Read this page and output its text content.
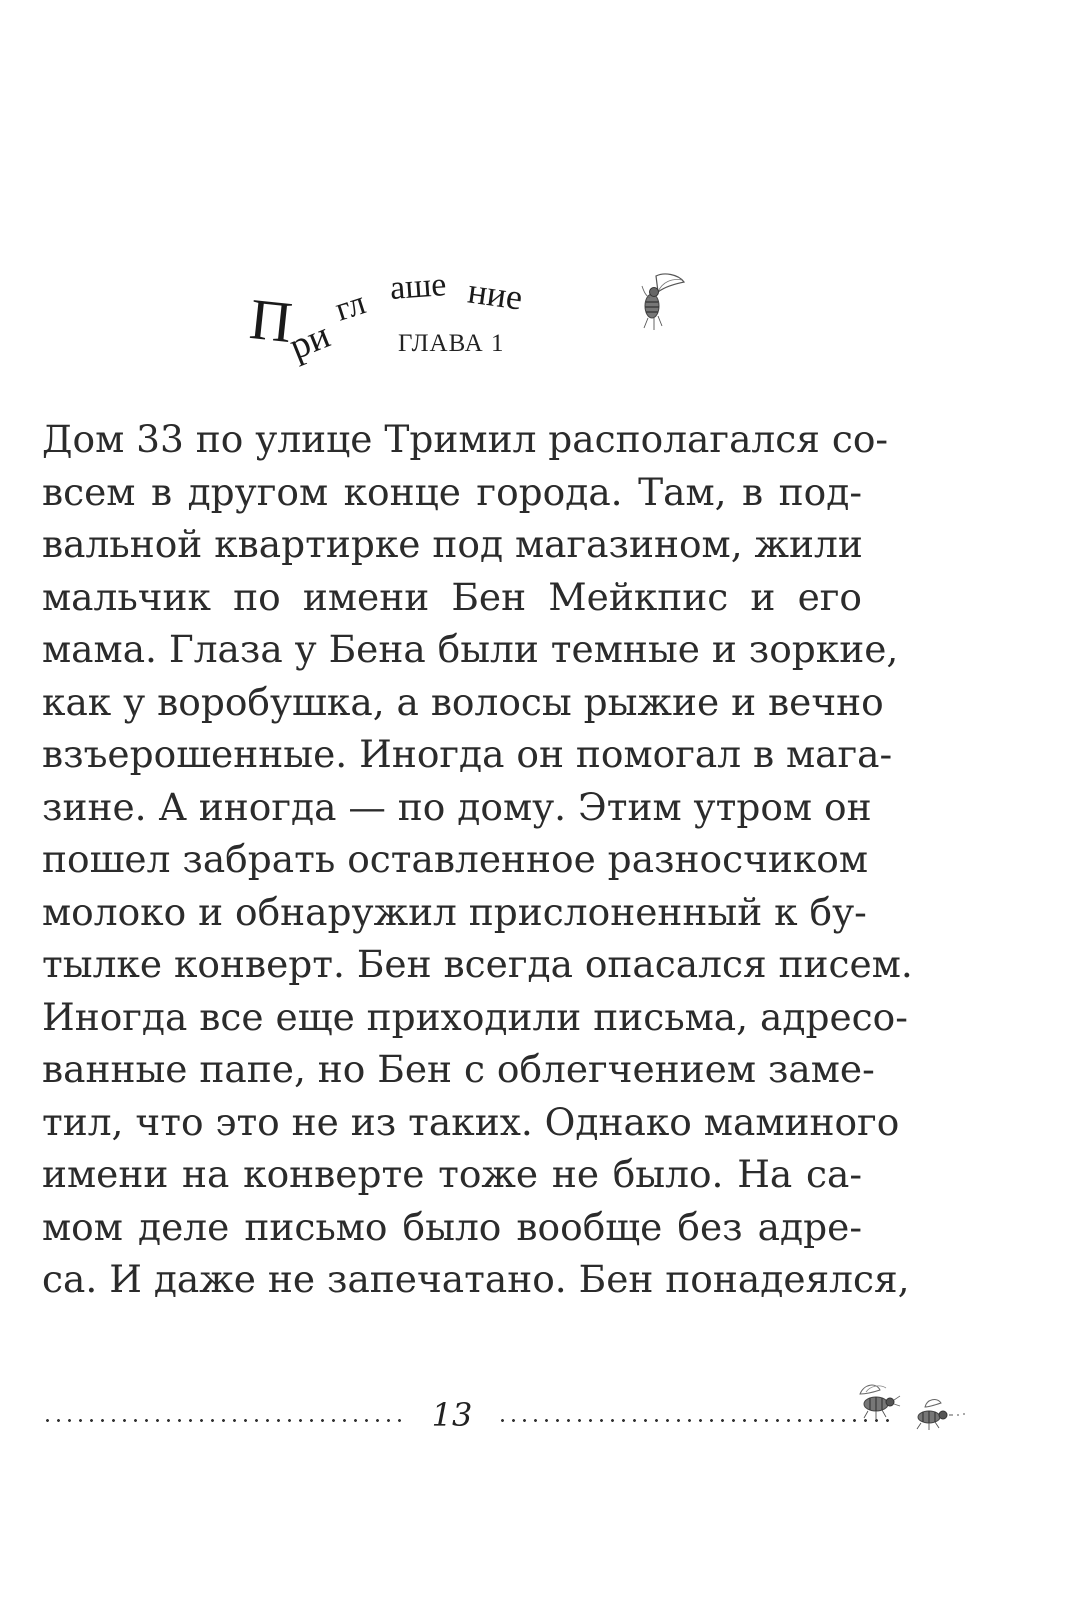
П
ри
гл аше ние
ГЛАВА 1
Дом 33 по улице Тримил располагался со-
всем в другом конце города. Там, в под-
вальной квартирке под магазином, жили
мальчик по имени Бен Мейкпис и его
мама. Глаза у Бена были темные и зоркие,
как у воробушка, а волосы рыжие и вечно
взъерошенные. Иногда он помогал в мага-
зине. А иногда — по дому. Этим утром он
пошел забрать оставленное разносчиком
молоко и обнаружил прислоненный к бу-
тылке конверт. Бен всегда опасался писем.
Иногда все еще приходили письма, адресо-
ванные папе, но Бен с облегчением заме-
тил, что это не из таких. Однако маминого
имени на конверте тоже не было. На са-
мом деле письмо было вообще без адре-
са. И даже не запечатано. Бен понадеялся,
13
